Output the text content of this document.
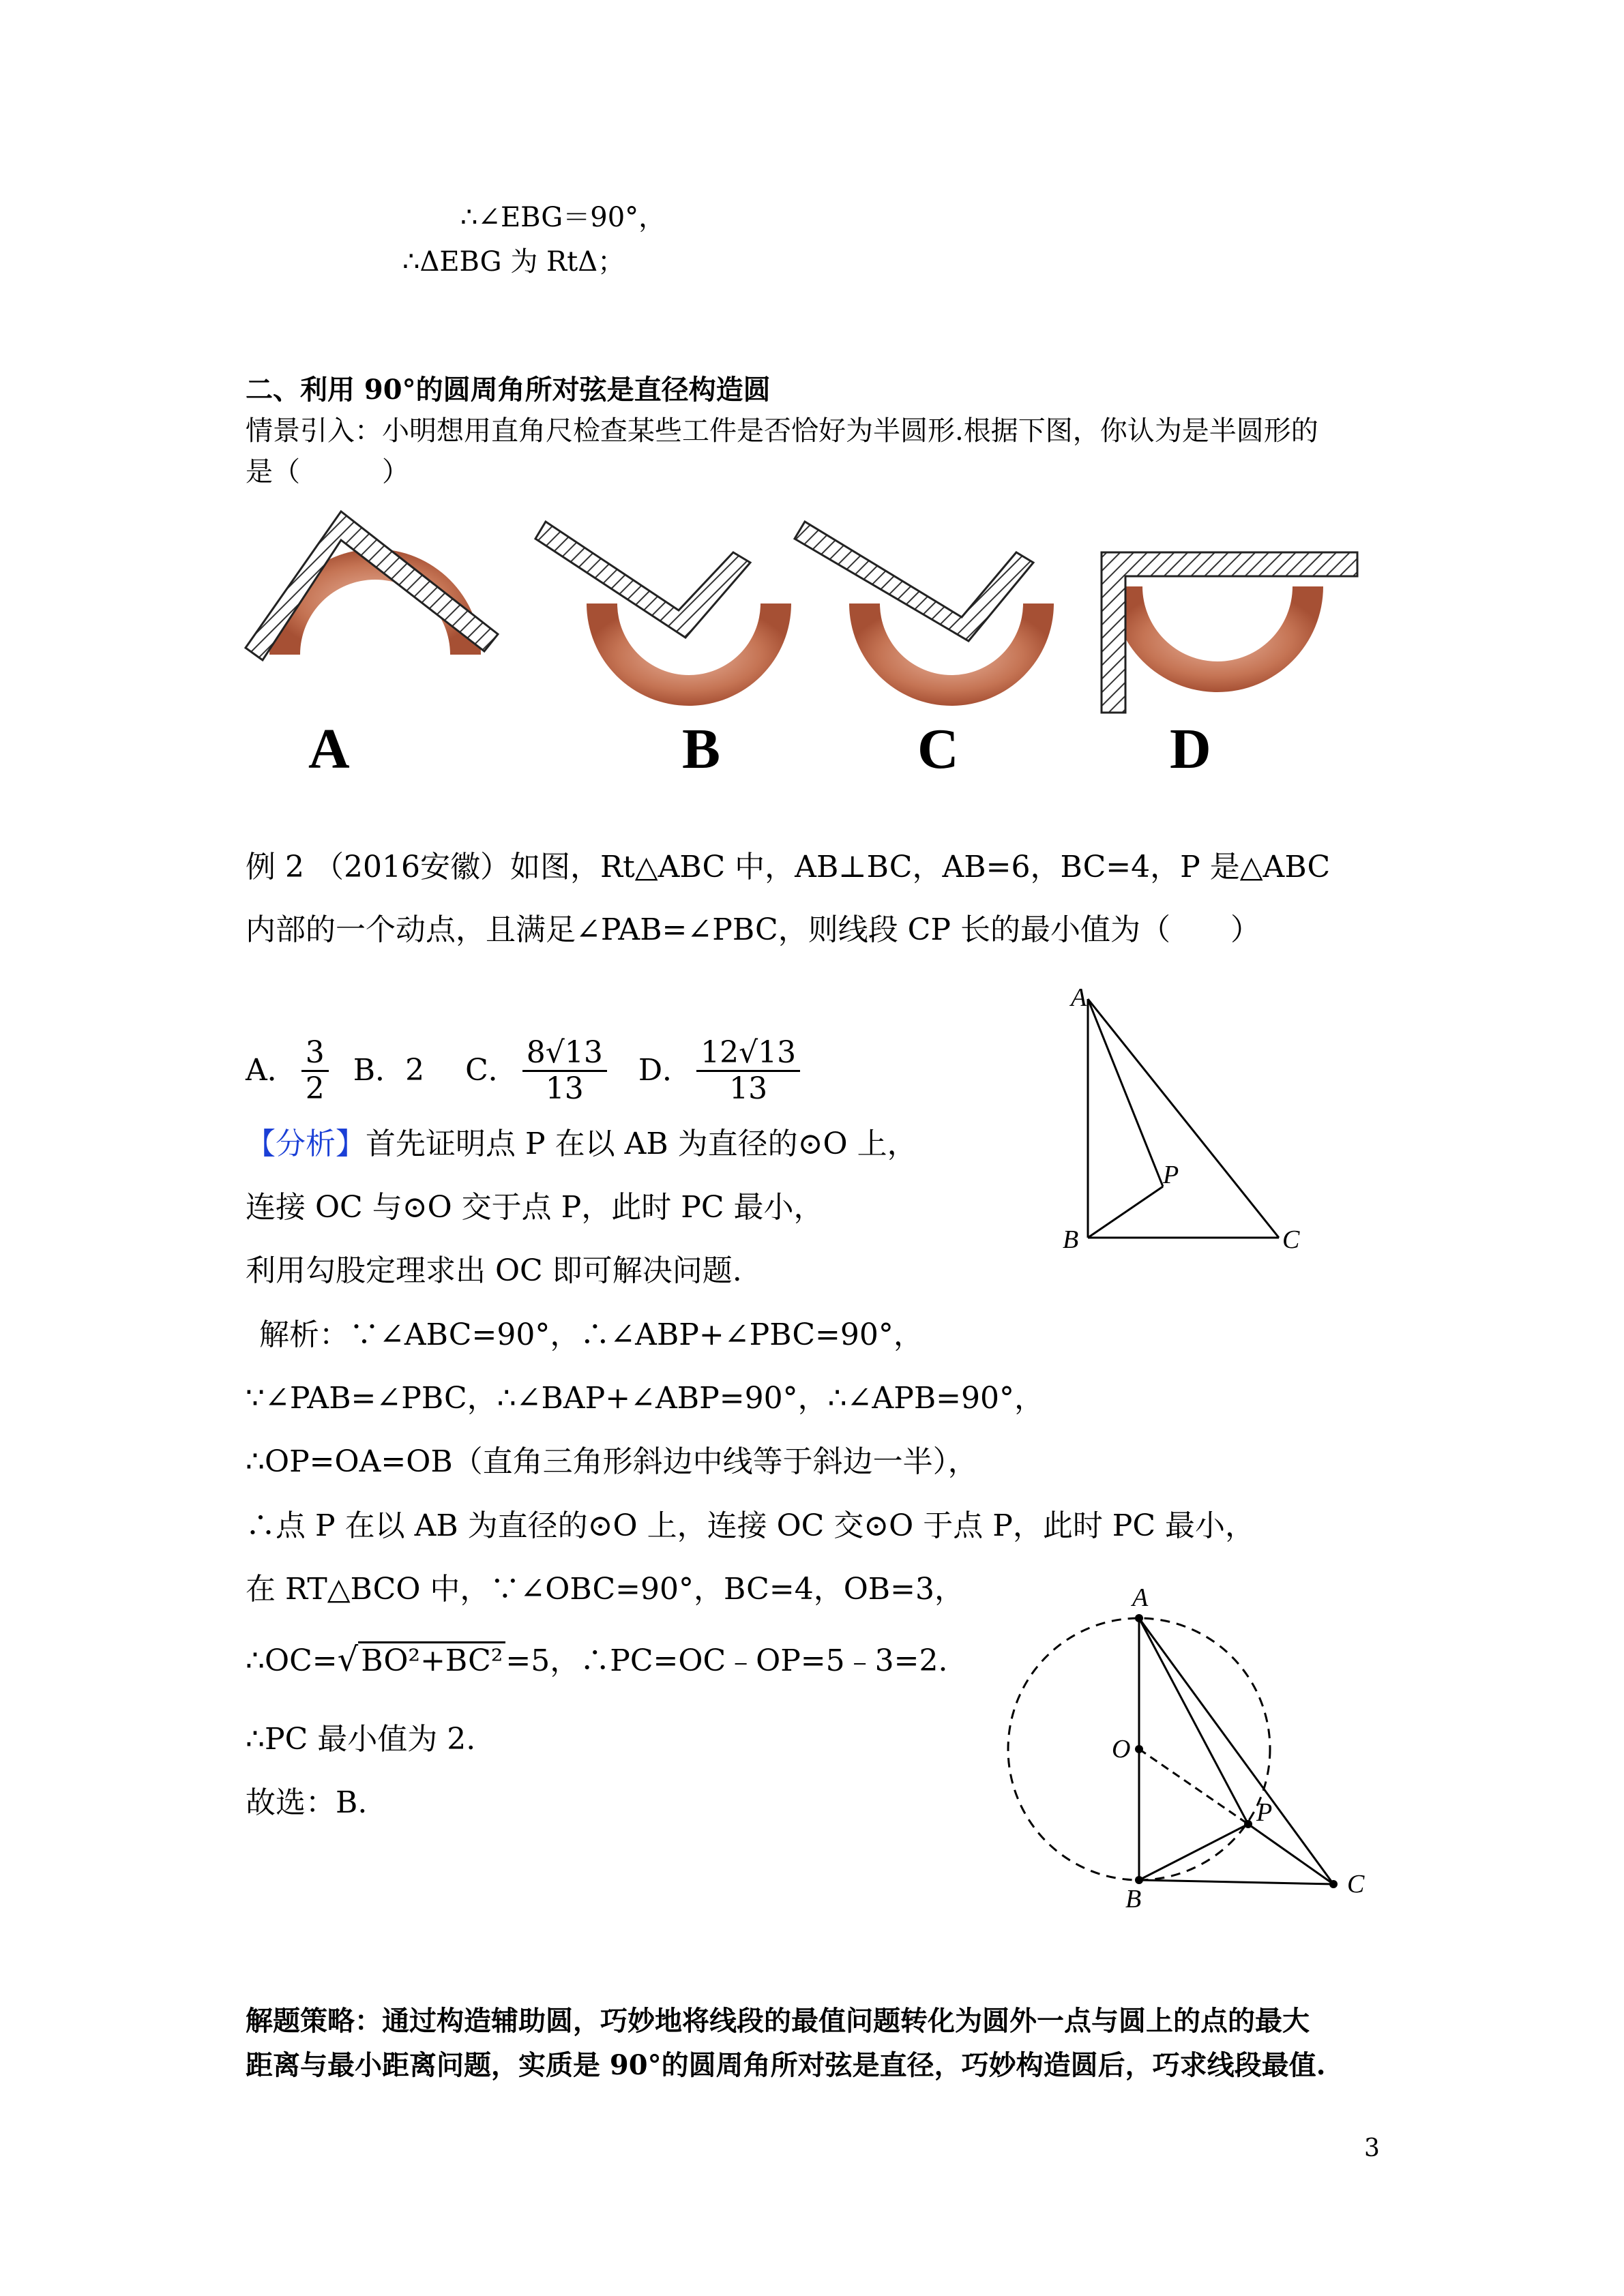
∴∠EBG＝90°，
∴ΔEBG 为 RtΔ；
二、利用 90°的圆周角所对弦是直径构造圆
情景引入：小明想用直角尺检查某些工件是否恰好为半圆形.根据下图，你认为是半圆形的
是（　　　）
A	B	C	D
例 2 （2016安徽）如图，Rt△ABC 中，AB⊥BC，AB=6，BC=4，P 是△ABC
内部的一个动点，且满足∠PAB=∠PBC，则线段 CP 长的最小值为（　　）
A． $\frac{3}{2}$ B．2 C． $\frac{8√13}{13}$ D． $\frac{12√13}{13}$
【分析】首先证明点 P 在以 AB 为直径的⊙O 上，
连接 OC 与⊙O 交于点 P，此时 PC 最小，
利用勾股定理求出 OC 即可解决问题.
解析：∵∠ABC=90°，∴∠ABP+∠PBC=90°，
∵∠PAB=∠PBC，∴∠BAP+∠ABP=90°，∴∠APB=90°，
∴OP=OA=OB（直角三角形斜边中线等于斜边一半），
∴点 P 在以 AB 为直径的⊙O 上，连接 OC 交⊙O 于点 P，此时 PC 最小，
在 RT△BCO 中，∵∠OBC=90°，BC=4，OB=3，
∴OC=√BO²+BC²=5，∴PC=OC﹣OP=5﹣3=2.
∴PC 最小值为 2.
故选：B.
A
B	C
P
A
O
P
B
C
解题策略：通过构造辅助圆，巧妙地将线段的最值问题转化为圆外一点与圆上的点的最大
距离与最小距离问题，实质是 90°的圆周角所对弦是直径，巧妙构造圆后，巧求线段最值.
3
